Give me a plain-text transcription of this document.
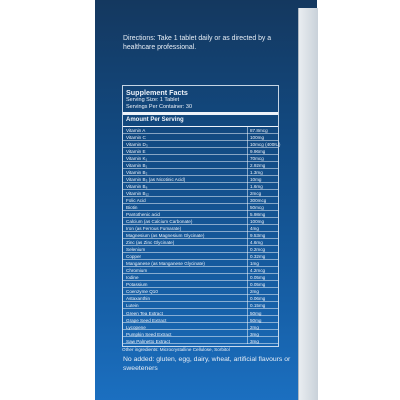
Directions: Take 1 tablet daily or as directed by a healthcare professional.
Supplement Facts
Serving Size: 1 Tablet
Servings Per Container: 30
Amount Per Serving
Vitamin A	87.8mcg
Vitamin C	100mg
Vitamin D₃	10mcg (400IU)
Vitamin E	9.96mg
Vitamin K₁	70mcg
Vitamin B₁	2.92mg
Vitamin B₂	1.3mg
Vitamin B₃ (as Nicotinic Acid)	10mg
Vitamin B₆	1.6mg
Vitamin B₁₂	2mcg
Folic Acid	300mcg
Biotin	50mcg
Pantothenic acid	5.98mg
Calcium (as Calcium Carbonate)	100mg
Iron (as Ferrous Fumarate)	4mg
Magnesium (as Magnesium Glycinate)	9.53mg
Zinc (as Zinc Glycinate)	4.6mg
Selenium	0.2mcg
Copper	0.32mg
Manganese (as Manganese Glycinate)	1mg
Chromium	4.2mcg
Iodine	0.05mg
Potassium	0.05mg
Coenzyme Q10	2mg
Astaxanthin	0.06mg
Lutein	0.15mg
Green Tea Extract	50mg
Grape Seed Extract	50mg
Lycopene	2mg
Pumpkin Seed Extract	3mg
Saw Palmetto Extract	3mg
Other ingredients: Microcrystalline Cellulose, Sorbitol
No added: gluten, egg, dairy, wheat, artificial flavours or sweeteners
